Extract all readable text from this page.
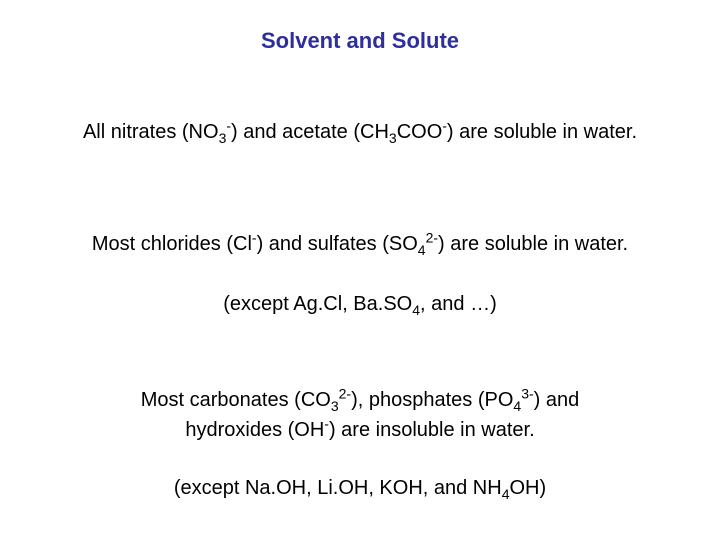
Solvent and Solute
All nitrates $(NO_3^-)$ and acetate $(CH_3COO^-)$ are soluble in water.
Most chlorides (Cl-) and sulfates $(SO_4^{2-})$ are soluble in water.
(except Ag.Cl, $Ba.SO_4$, and …)
Most carbonates $(CO_3^{2-})$, phosphates $(PO_4^{3-})$ and
hydroxides (OH-) are insoluble in water.
(except Na.OH, Li.OH, KOH, and $NH_4OH$)
